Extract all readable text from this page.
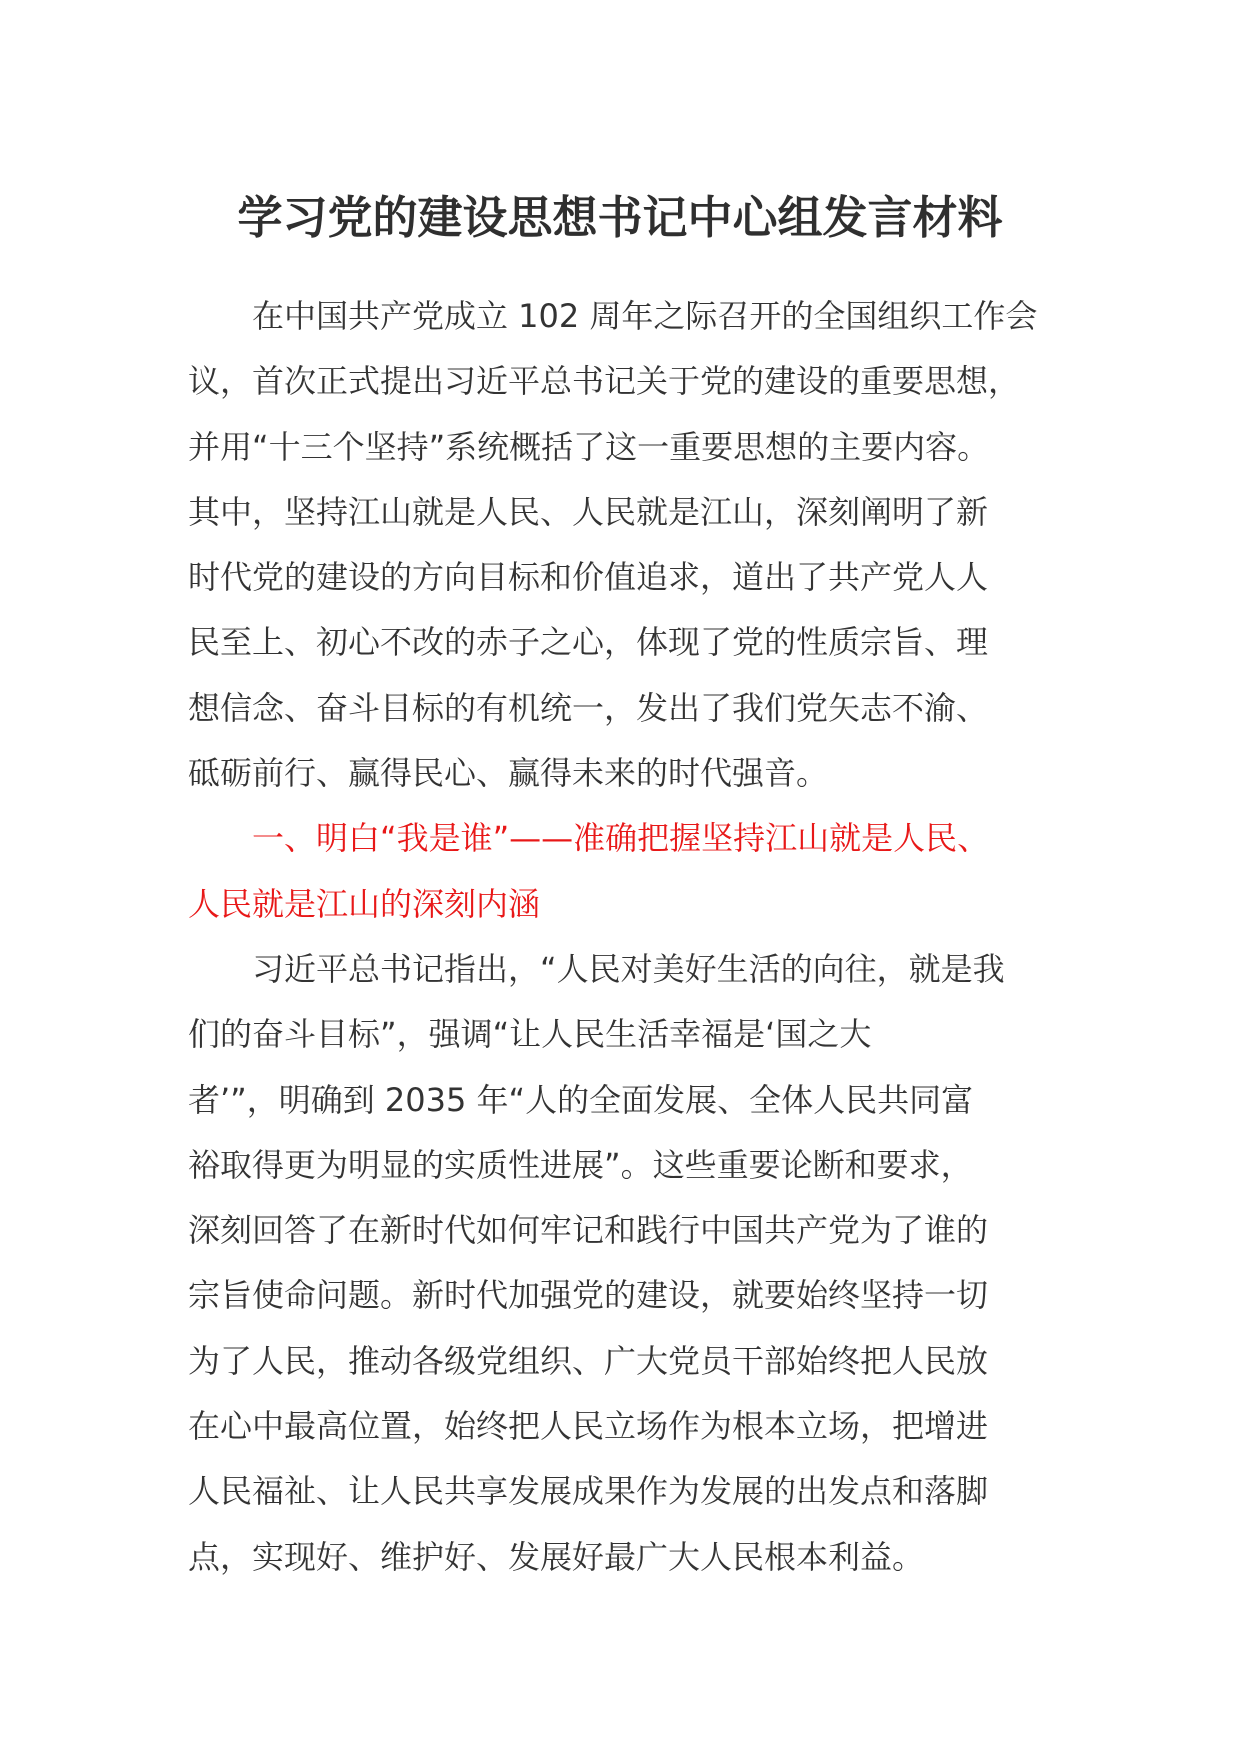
学习党的建设思想书记中心组发言材料
　　在中国共产党成立 102 周年之际召开的全国组织工作会
议，首次正式提出习近平总书记关于党的建设的重要思想，
并用“十三个坚持”系统概括了这一重要思想的主要内容。
其中，坚持江山就是人民、人民就是江山，深刻阐明了新
时代党的建设的方向目标和价值追求，道出了共产党人人
民至上、初心不改的赤子之心，体现了党的性质宗旨、理
想信念、奋斗目标的有机统一，发出了我们党矢志不渝、
砥砺前行、赢得民心、赢得未来的时代强音。
　　一、明白“我是谁”——准确把握坚持江山就是人民、
人民就是江山的深刻内涵
　　习近平总书记指出，“人民对美好生活的向往，就是我
们的奋斗目标”，强调“让人民生活幸福是‘国之大
者’”，明确到 2035 年“人的全面发展、全体人民共同富
裕取得更为明显的实质性进展”。这些重要论断和要求，
深刻回答了在新时代如何牢记和践行中国共产党为了谁的
宗旨使命问题。新时代加强党的建设，就要始终坚持一切
为了人民，推动各级党组织、广大党员干部始终把人民放
在心中最高位置，始终把人民立场作为根本立场，把增进
人民福祉、让人民共享发展成果作为发展的出发点和落脚
点，实现好、维护好、发展好最广大人民根本利益。
